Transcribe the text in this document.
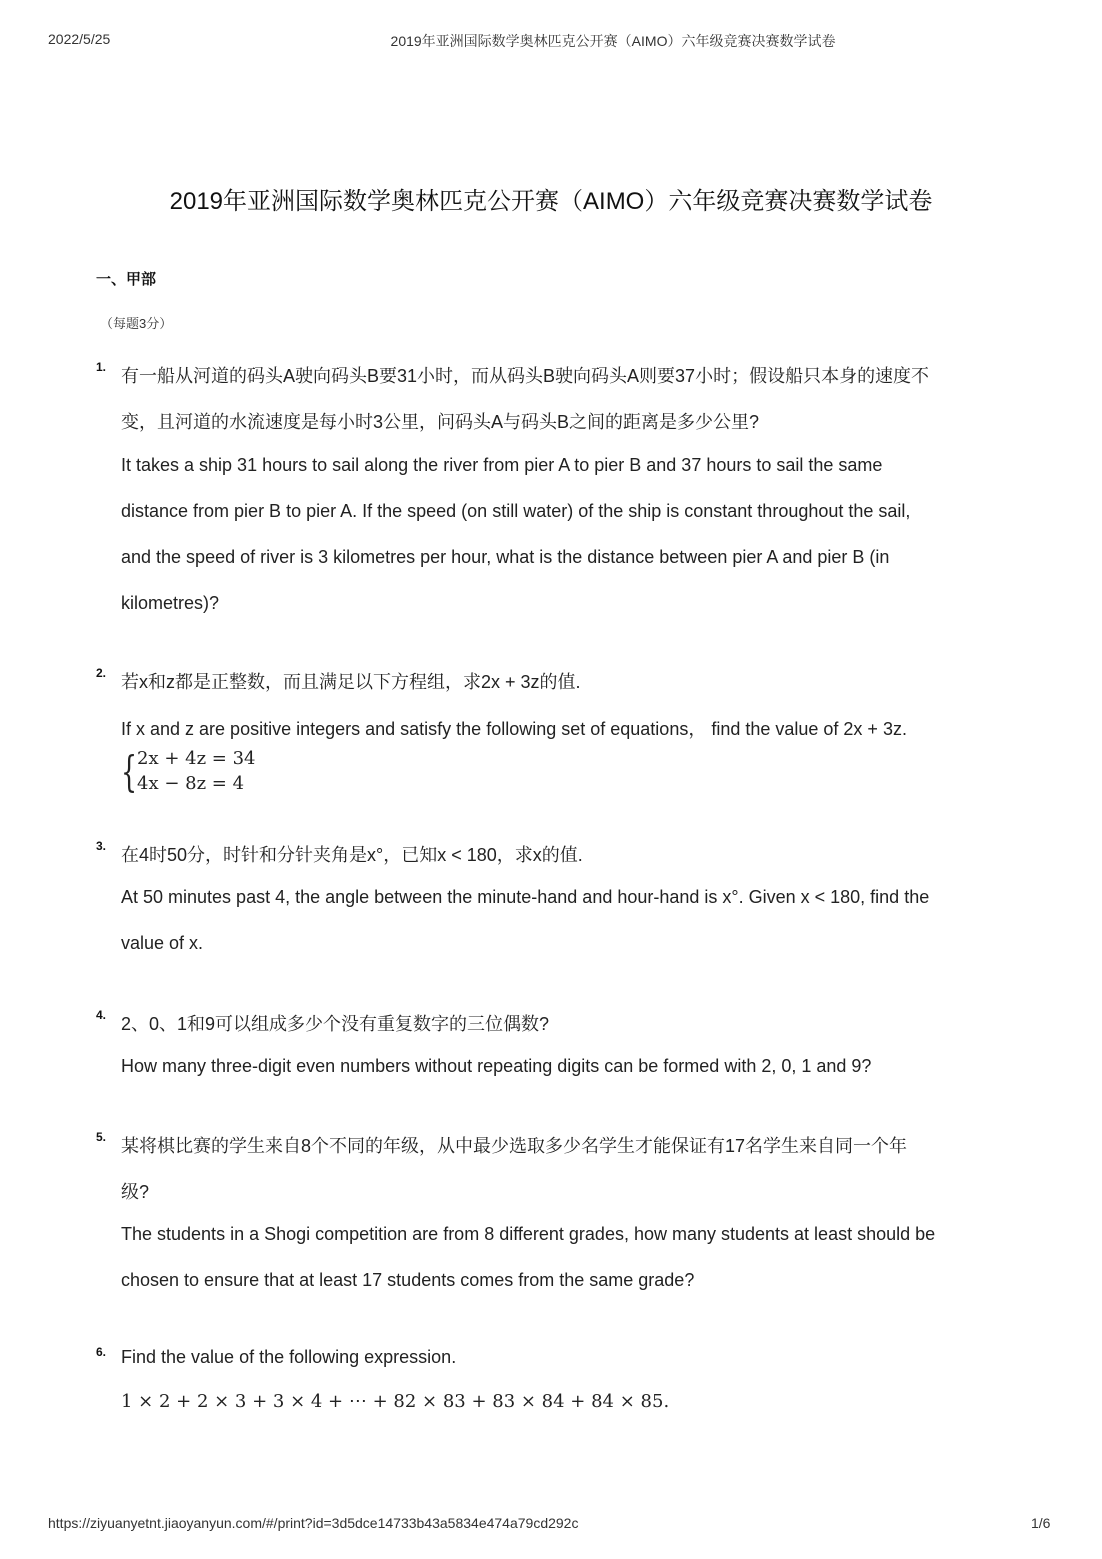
2022/5/25	2019年亚洲国际数学奥林匹克公开赛（AIMO）六年级竞赛决赛数学试卷
2019年亚洲国际数学奥林匹克公开赛（AIMO）六年级竞赛决赛数学试卷
一、甲部
（每题3分）
1. 有一船从河道的码头A驶向码头B要31小时，而从码头B驶向码头A则要37小时；假设船只本身的速度不
变，且河道的水流速度是每小时3公里，问码头A与码头B之间的距离是多少公里?
It takes a ship 31 hours to sail along the river from pier A to pier B and 37 hours to sail the same
distance from pier B to pier A. If the speed (on still water) of the ship is constant throughout the sail,
and the speed of river is 3 kilometres per hour, what is the distance between pier A and pier B (in
kilometres)?
2. 若x和z都是正整数，而且满足以下方程组，求2x + 3z的值.
If x and z are positive integers and satisfy the following set of equations， find the value of 2x + 3z.
{ 2x + 4z = 34
4x − 8z = 4
3. 在4时50分，时针和分针夹角是x°，已知x < 180，求x的值.
At 50 minutes past 4, the angle between the minute-hand and hour-hand is x°. Given x < 180, find the
value of x.
4. 2、0、1和9可以组成多少个没有重复数字的三位偶数?
How many three-digit even numbers without repeating digits can be formed with 2, 0, 1 and 9?
5. 某将棋比赛的学生来自8个不同的年级，从中最少选取多少名学生才能保证有17名学生来自同一个年
级?
The students in a Shogi competition are from 8 different grades, how many students at least should be
chosen to ensure that at least 17 students comes from the same grade?
6. Find the value of the following expression.
1 × 2 + 2 × 3 + 3 × 4 + ⋯ + 82 × 83 + 83 × 84 + 84 × 85.
https://ziyuanyetnt.jiaoyanyun.com/#/print?id=3d5dce14733b43a5834e474a79cd292c	1/6
